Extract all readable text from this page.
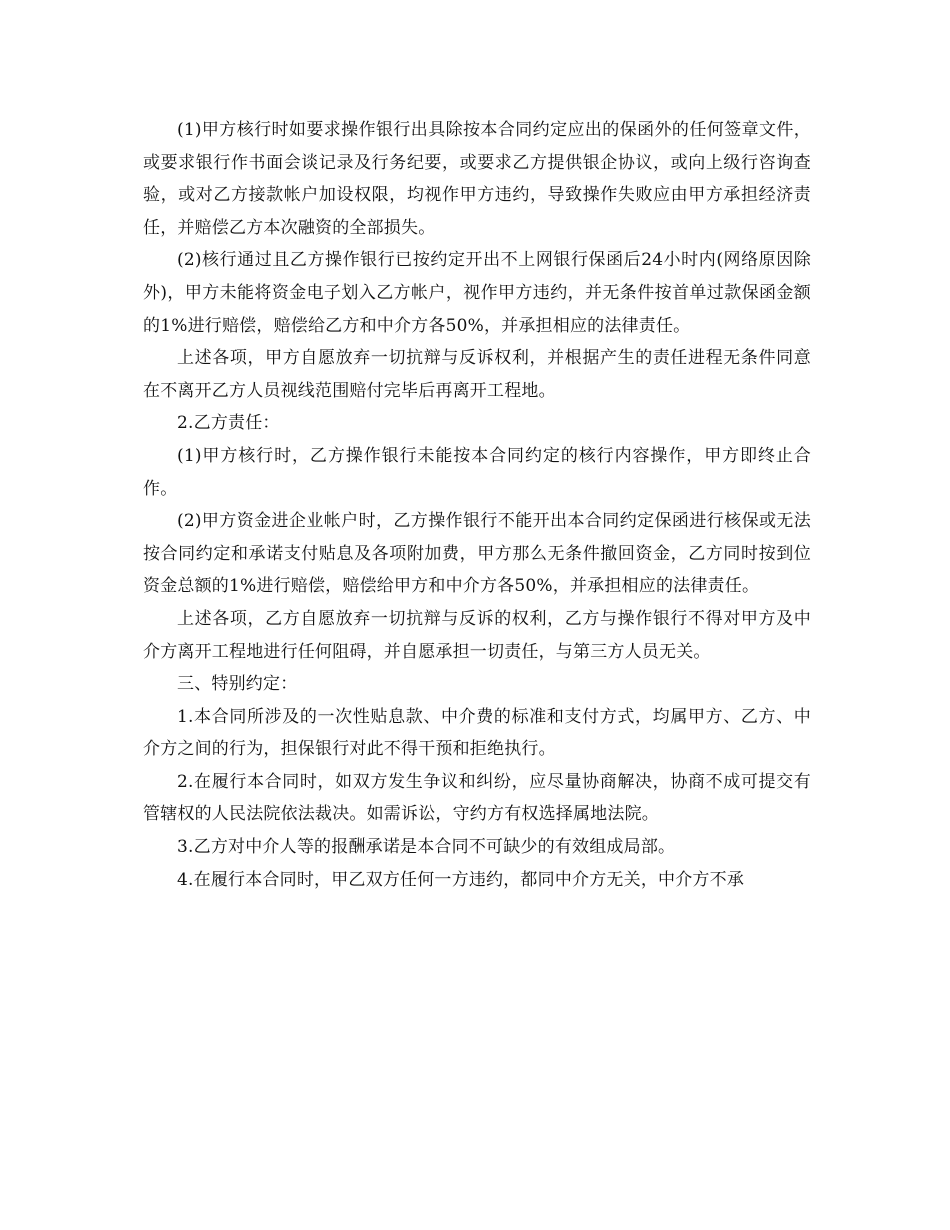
(1)甲方核行时如要求操作银行出具除按本合同约定应出的保函外的任何签章文件，或要求银行作书面会谈记录及行务纪要，或要求乙方提供银企协议，或向上级行咨询查验，或对乙方接款帐户加设权限，均视作甲方违约，导致操作失败应由甲方承担经济责任，并赔偿乙方本次融资的全部损失。

(2)核行通过且乙方操作银行已按约定开出不上网银行保函后24小时内(网络原因除外)，甲方未能将资金电子划入乙方帐户，视作甲方违约，并无条件按首单过款保函金额的1%进行赔偿，赔偿给乙方和中介方各50%，并承担相应的法律责任。

上述各项，甲方自愿放弃一切抗辩与反诉权利，并根据产生的责任进程无条件同意在不离开乙方人员视线范围赔付完毕后再离开工程地。

2.乙方责任：

(1)甲方核行时，乙方操作银行未能按本合同约定的核行内容操作，甲方即终止合作。

(2)甲方资金进企业帐户时，乙方操作银行不能开出本合同约定保函进行核保或无法按合同约定和承诺支付贴息及各项附加费，甲方那么无条件撤回资金，乙方同时按到位资金总额的1%进行赔偿，赔偿给甲方和中介方各50%，并承担相应的法律责任。

上述各项，乙方自愿放弃一切抗辩与反诉的权利，乙方与操作银行不得对甲方及中介方离开工程地进行任何阻碍，并自愿承担一切责任，与第三方人员无关。

三、特别约定：

1.本合同所涉及的一次性贴息款、中介费的标准和支付方式，均属甲方、乙方、中介方之间的行为，担保银行对此不得干预和拒绝执行。

2.在履行本合同时，如双方发生争议和纠纷，应尽量协商解决，协商不成可提交有管辖权的人民法院依法裁决。如需诉讼，守约方有权选择属地法院。

3.乙方对中介人等的报酬承诺是本合同不可缺少的有效组成局部。

4.在履行本合同时，甲乙双方任何一方违约，都同中介方无关，中介方不承
